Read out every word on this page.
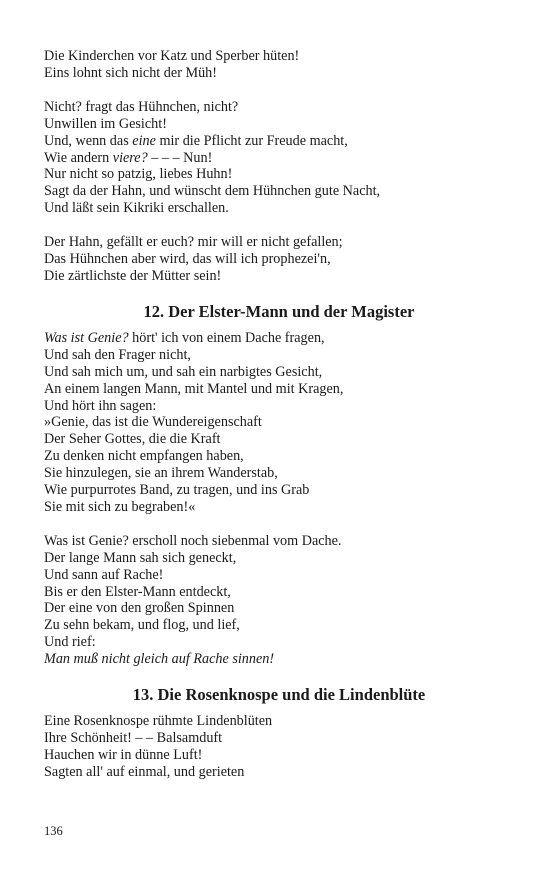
Die Kinderchen vor Katz und Sperber hüten!
Eins lohnt sich nicht der Müh!
Nicht? fragt das Hühnchen, nicht?
Unwillen im Gesicht!
Und, wenn das eine mir die Pflicht zur Freude macht,
Wie andern viere? – – – Nun!
Nur nicht so patzig, liebes Huhn!
Sagt da der Hahn, und wünscht dem Hühnchen gute Nacht,
Und läßt sein Kikriki erschallen.
Der Hahn, gefällt er euch? mir will er nicht gefallen;
Das Hühnchen aber wird, das will ich prophezei'n,
Die zärtlichste der Mütter sein!
12. Der Elster-Mann und der Magister
Was ist Genie? hört' ich von einem Dache fragen,
Und sah den Frager nicht,
Und sah mich um, und sah ein narbigtes Gesicht,
An einem langen Mann, mit Mantel und mit Kragen,
Und hört ihn sagen:
»Genie, das ist die Wundereigenschaft
Der Seher Gottes, die die Kraft
Zu denken nicht empfangen haben,
Sie hinzulegen, sie an ihrem Wanderstab,
Wie purpurrotes Band, zu tragen, und ins Grab
Sie mit sich zu begraben!«
Was ist Genie? erscholl noch siebenmal vom Dache.
Der lange Mann sah sich geneckt,
Und sann auf Rache!
Bis er den Elster-Mann entdeckt,
Der eine von den großen Spinnen
Zu sehn bekam, und flog, und lief,
Und rief:
Man muß nicht gleich auf Rache sinnen!
13. Die Rosenknospe und die Lindenblüte
Eine Rosenknospe rühmte Lindenblüten
Ihre Schönheit! – – Balsamduft
Hauchen wir in dünne Luft!
Sagten all' auf einmal, und gerieten
136
